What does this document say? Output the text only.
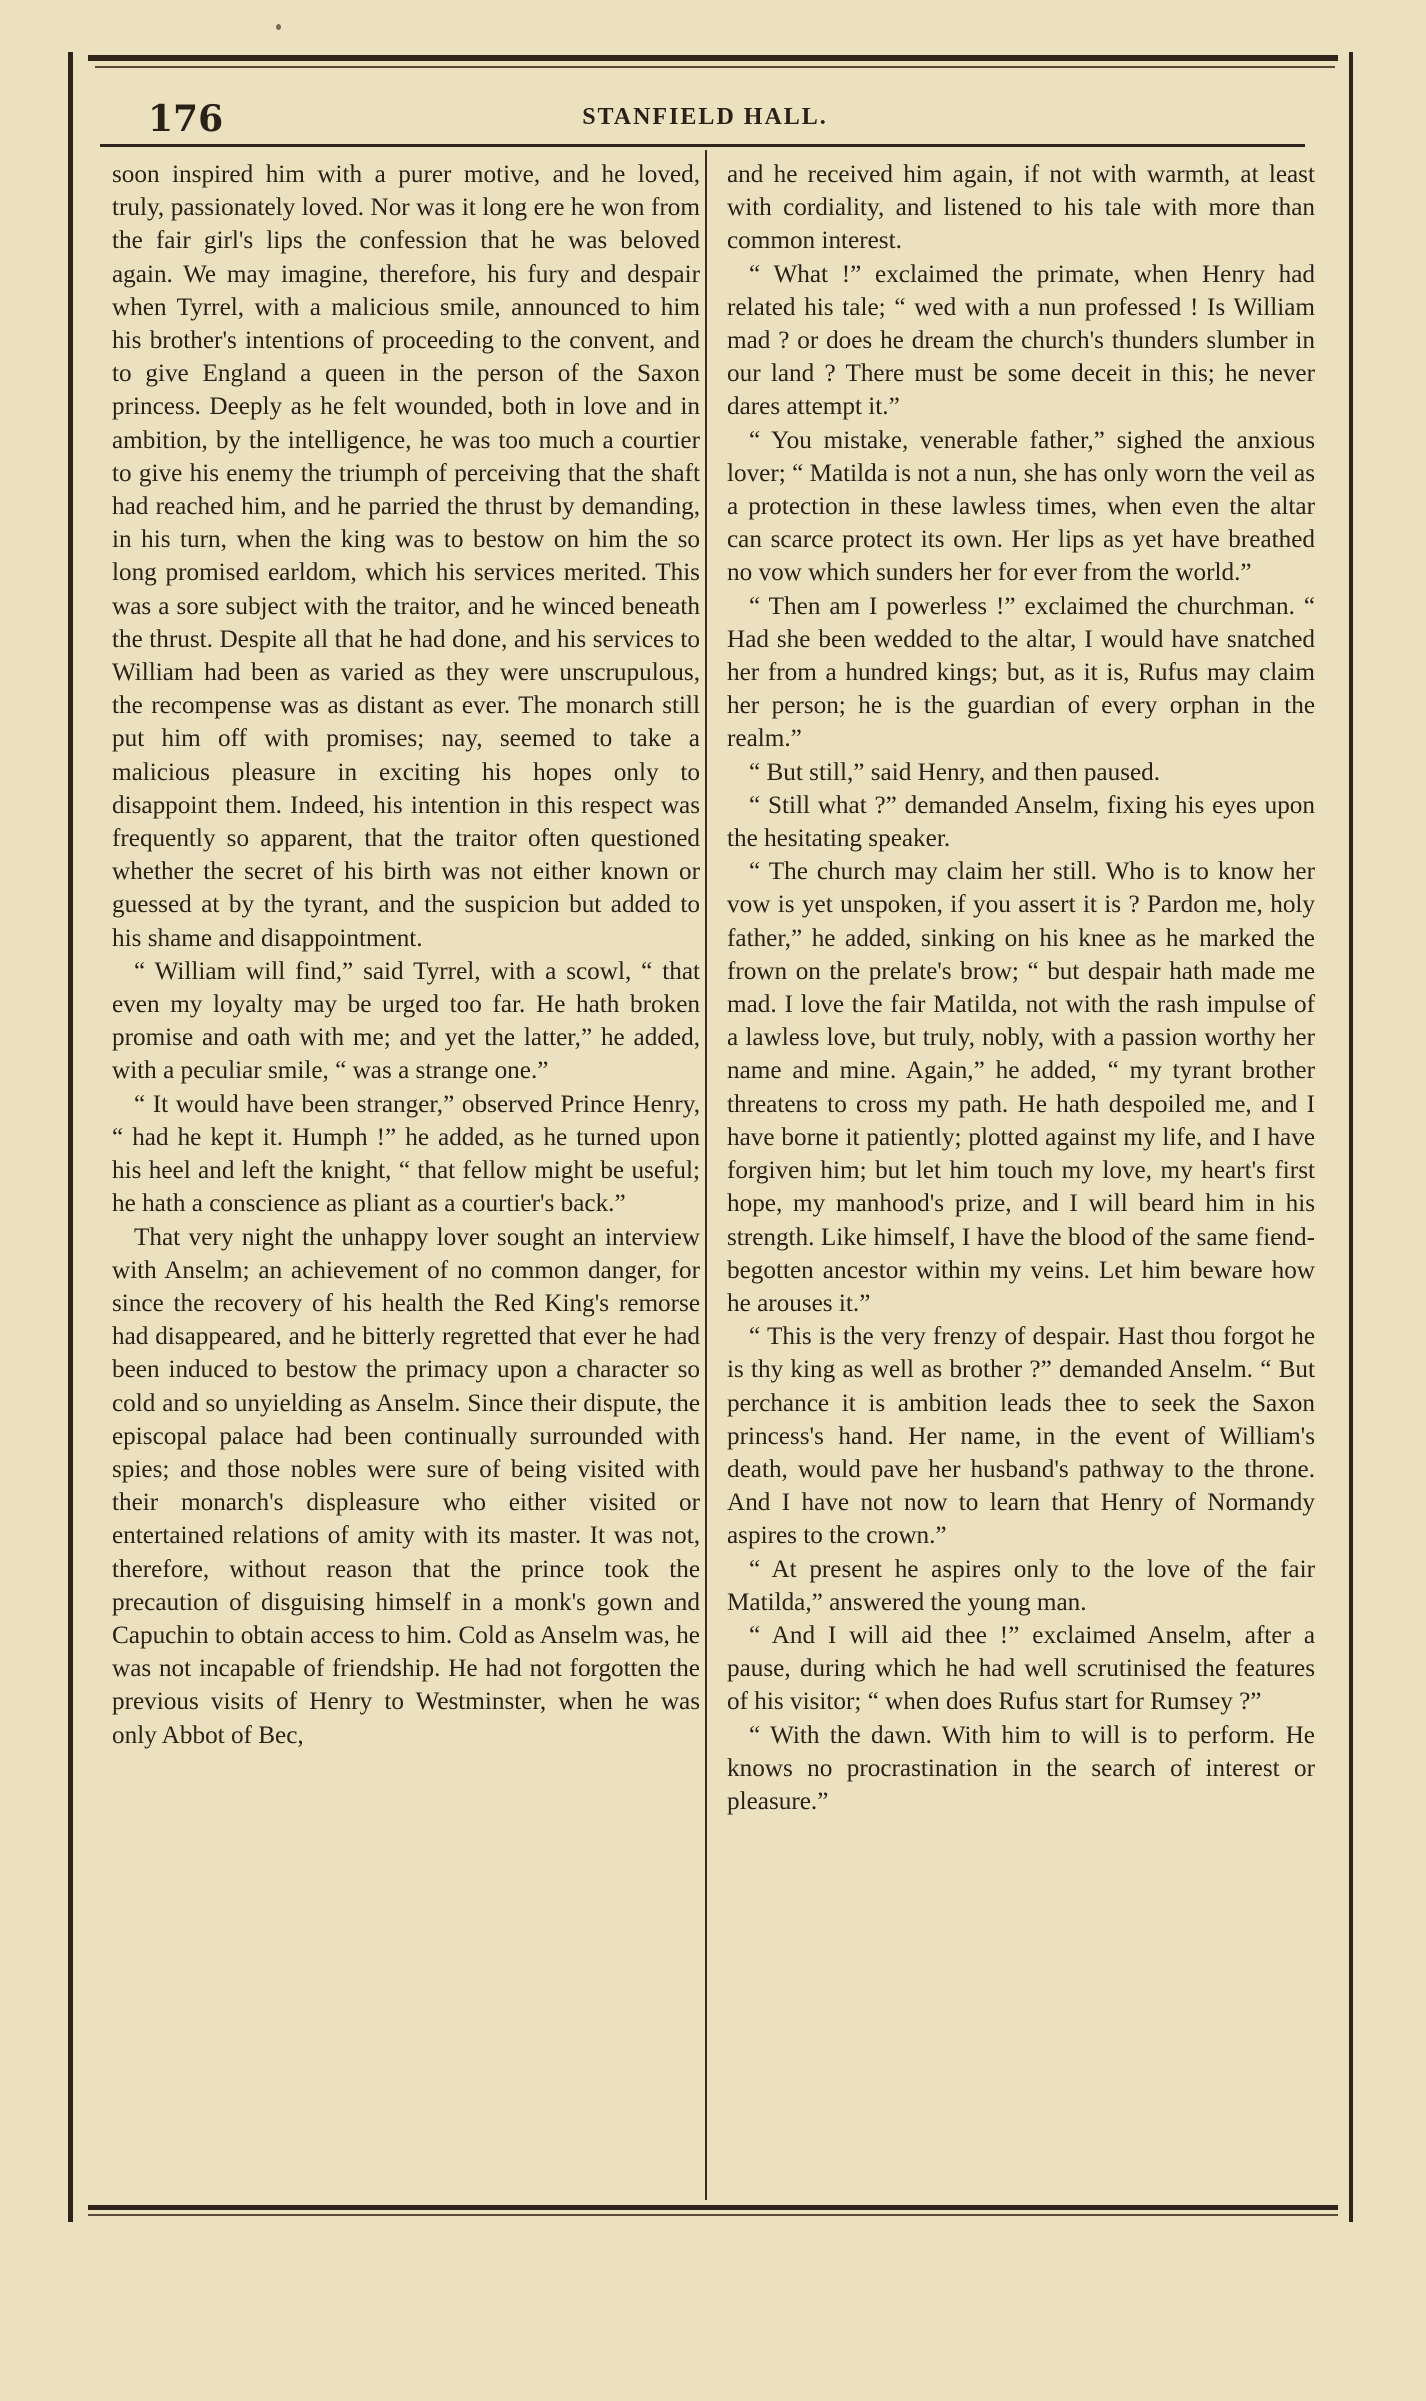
176	STANFIELD HALL.

soon inspired him with a purer motive, and he loved, truly, passionately loved. Nor was it long ere he won from the fair girl's lips the confession that he was beloved again. We may imagine, therefore, his fury and despair when Tyrrel, with a malicious smile, announced to him his brother's intentions of proceeding to the convent, and to give England a queen in the person of the Saxon princess. Deeply as he felt wounded, both in love and in ambition, by the intelligence, he was too much a courtier to give his enemy the triumph of perceiving that the shaft had reached him, and he parried the thrust by demanding, in his turn, when the king was to bestow on him the so long promised earldom, which his services merited. This was a sore subject with the traitor, and he winced beneath the thrust. Despite all that he had done, and his services to William had been as varied as they were unscrupulous, the recompense was as distant as ever. The monarch still put him off with promises; nay, seemed to take a malicious pleasure in exciting his hopes only to disappoint them. Indeed, his intention in this respect was frequently so apparent, that the traitor often questioned whether the secret of his birth was not either known or guessed at by the tyrant, and the suspicion but added to his shame and disappointment.

“ William will find,” said Tyrrel, with a scowl, “ that even my loyalty may be urged too far. He hath broken promise and oath with me; and yet the latter,” he added, with a peculiar smile, “ was a strange one.”

“ It would have been stranger,” observed Prince Henry, “ had he kept it. Humph !” he added, as he turned upon his heel and left the knight, “ that fellow might be useful; he hath a conscience as pliant as a courtier's back.”

That very night the unhappy lover sought an interview with Anselm; an achievement of no common danger, for since the recovery of his health the Red King's remorse had disappeared, and he bitterly regretted that ever he had been induced to bestow the primacy upon a character so cold and so unyielding as Anselm. Since their dispute, the episcopal palace had been continually surrounded with spies; and those nobles were sure of being visited with their monarch's displeasure who either visited or entertained relations of amity with its master. It was not, therefore, without reason that the prince took the precaution of disguising himself in a monk's gown and Capuchin to obtain access to him. Cold as Anselm was, he was not incapable of friendship. He had not forgotten the previous visits of Henry to Westminster, when he was only Abbot of Bec,

and he received him again, if not with warmth, at least with cordiality, and listened to his tale with more than common interest.

“ What !” exclaimed the primate, when Henry had related his tale; “ wed with a nun professed ! Is William mad ? or does he dream the church's thunders slumber in our land ? There must be some deceit in this; he never dares attempt it.”

“ You mistake, venerable father,” sighed the anxious lover; “ Matilda is not a nun, she has only worn the veil as a protection in these lawless times, when even the altar can scarce protect its own. Her lips as yet have breathed no vow which sunders her for ever from the world.”

“ Then am I powerless !” exclaimed the churchman. “ Had she been wedded to the altar, I would have snatched her from a hundred kings; but, as it is, Rufus may claim her person; he is the guardian of every orphan in the realm.”

“ But still,” said Henry, and then paused.

“ Still what ?” demanded Anselm, fixing his eyes upon the hesitating speaker.

“ The church may claim her still. Who is to know her vow is yet unspoken, if you assert it is ? Pardon me, holy father,” he added, sinking on his knee as he marked the frown on the prelate's brow; “ but despair hath made me mad. I love the fair Matilda, not with the rash impulse of a lawless love, but truly, nobly, with a passion worthy her name and mine. Again,” he added, “ my tyrant brother threatens to cross my path. He hath despoiled me, and I have borne it patiently; plotted against my life, and I have forgiven him; but let him touch my love, my heart's first hope, my manhood's prize, and I will beard him in his strength. Like himself, I have the blood of the same fiend-begotten ancestor within my veins. Let him beware how he arouses it.”

“ This is the very frenzy of despair. Hast thou forgot he is thy king as well as brother ?” demanded Anselm. “ But perchance it is ambition leads thee to seek the Saxon princess's hand. Her name, in the event of William's death, would pave her husband's pathway to the throne. And I have not now to learn that Henry of Normandy aspires to the crown.”

“ At present he aspires only to the love of the fair Matilda,” answered the young man.

“ And I will aid thee !” exclaimed Anselm, after a pause, during which he had well scrutinised the features of his visitor; “ when does Rufus start for Rumsey ?”

“ With the dawn. With him to will is to perform. He knows no procrastination in the search of interest or pleasure.”
